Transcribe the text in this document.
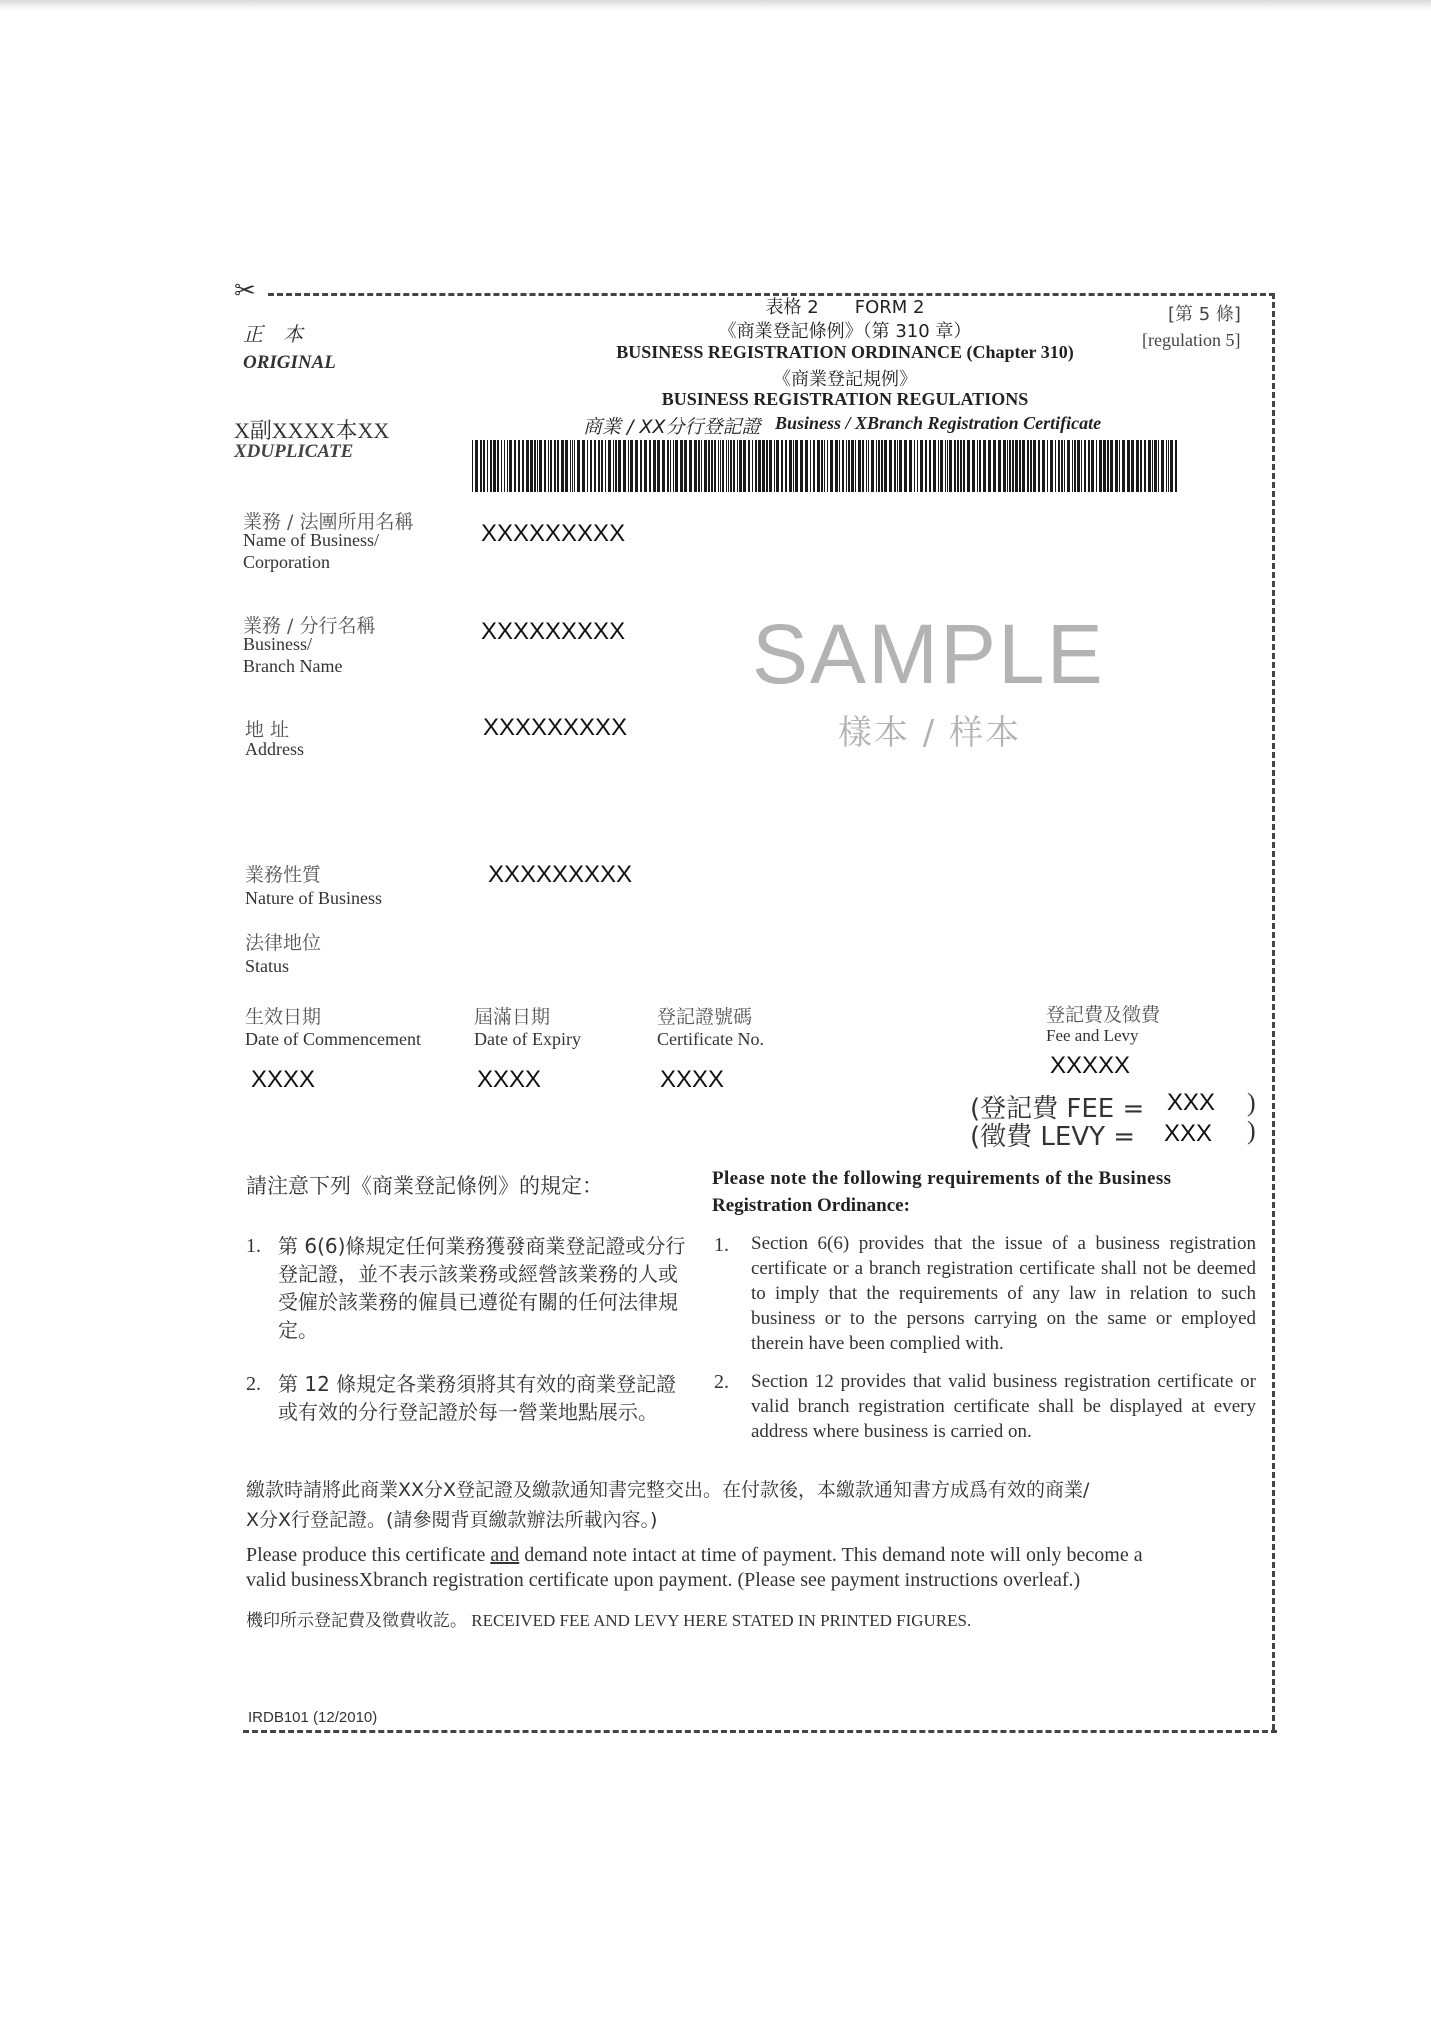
✂
正　本
ORIGINAL
X副XXXX本XX
XDUPLICATE
表格 2　　FORM 2
《商業登記條例》（第 310 章）
BUSINESS REGISTRATION ORDINANCE (Chapter 310)
《商業登記規例》
BUSINESS REGISTRATION REGULATIONS
商業 / XX分行登記證 Business / XBranch Registration Certificate
[第 5 條]
[regulation 5]
SAMPLE
樣本 / 样本
業務 / 法團所用名稱
Name of Business/
Corporation
XXXXXXXXX
業務 / 分行名稱
Business/
Branch Name
XXXXXXXXX
地 址
Address
XXXXXXXXX
業務性質
Nature of Business
XXXXXXXXX
法律地位
Status
生效日期
Date of Commencement
XXXX
屆滿日期
Date of Expiry
XXXX
登記證號碼
Certificate No.
XXXX
登記費及徵費
Fee and Levy
XXXXX
(登記費 FEE = XXX )
(徵費 LEVY = XXX )
請注意下列《商業登記條例》的規定：	Please note the following requirements of the Business
Registration Ordinance:
1. 第 6(6)條規定任何業務獲發商業登記證或分行登記證，並不表示該業務或經營該業務的人或受僱於該業務的僱員已遵從有關的任何法律規定。
1. Section 6(6) provides that the issue of a business registration certificate or a branch registration certificate shall not be deemed to imply that the requirements of any law in relation to such business or to the persons carrying on the same or employed therein have been complied with.
2. 第 12 條規定各業務須將其有效的商業登記證或有效的分行登記證於每一營業地點展示。
2. Section 12 provides that valid business registration certificate or valid branch registration certificate shall be displayed at every address where business is carried on.
繳款時請將此商業XX分X登記證及繳款通知書完整交出。在付款後，本繳款通知書方成爲有效的商業/
X分X行登記證。(請參閱背頁繳款辦法所載內容。)
Please produce this certificate and demand note intact at time of payment. This demand note will only become a
valid businessXbranch registration certificate upon payment. (Please see payment instructions overleaf.)
機印所示登記費及徵費收訖。 RECEIVED FEE AND LEVY HERE STATED IN PRINTED FIGURES.
IRDB101 (12/2010)
